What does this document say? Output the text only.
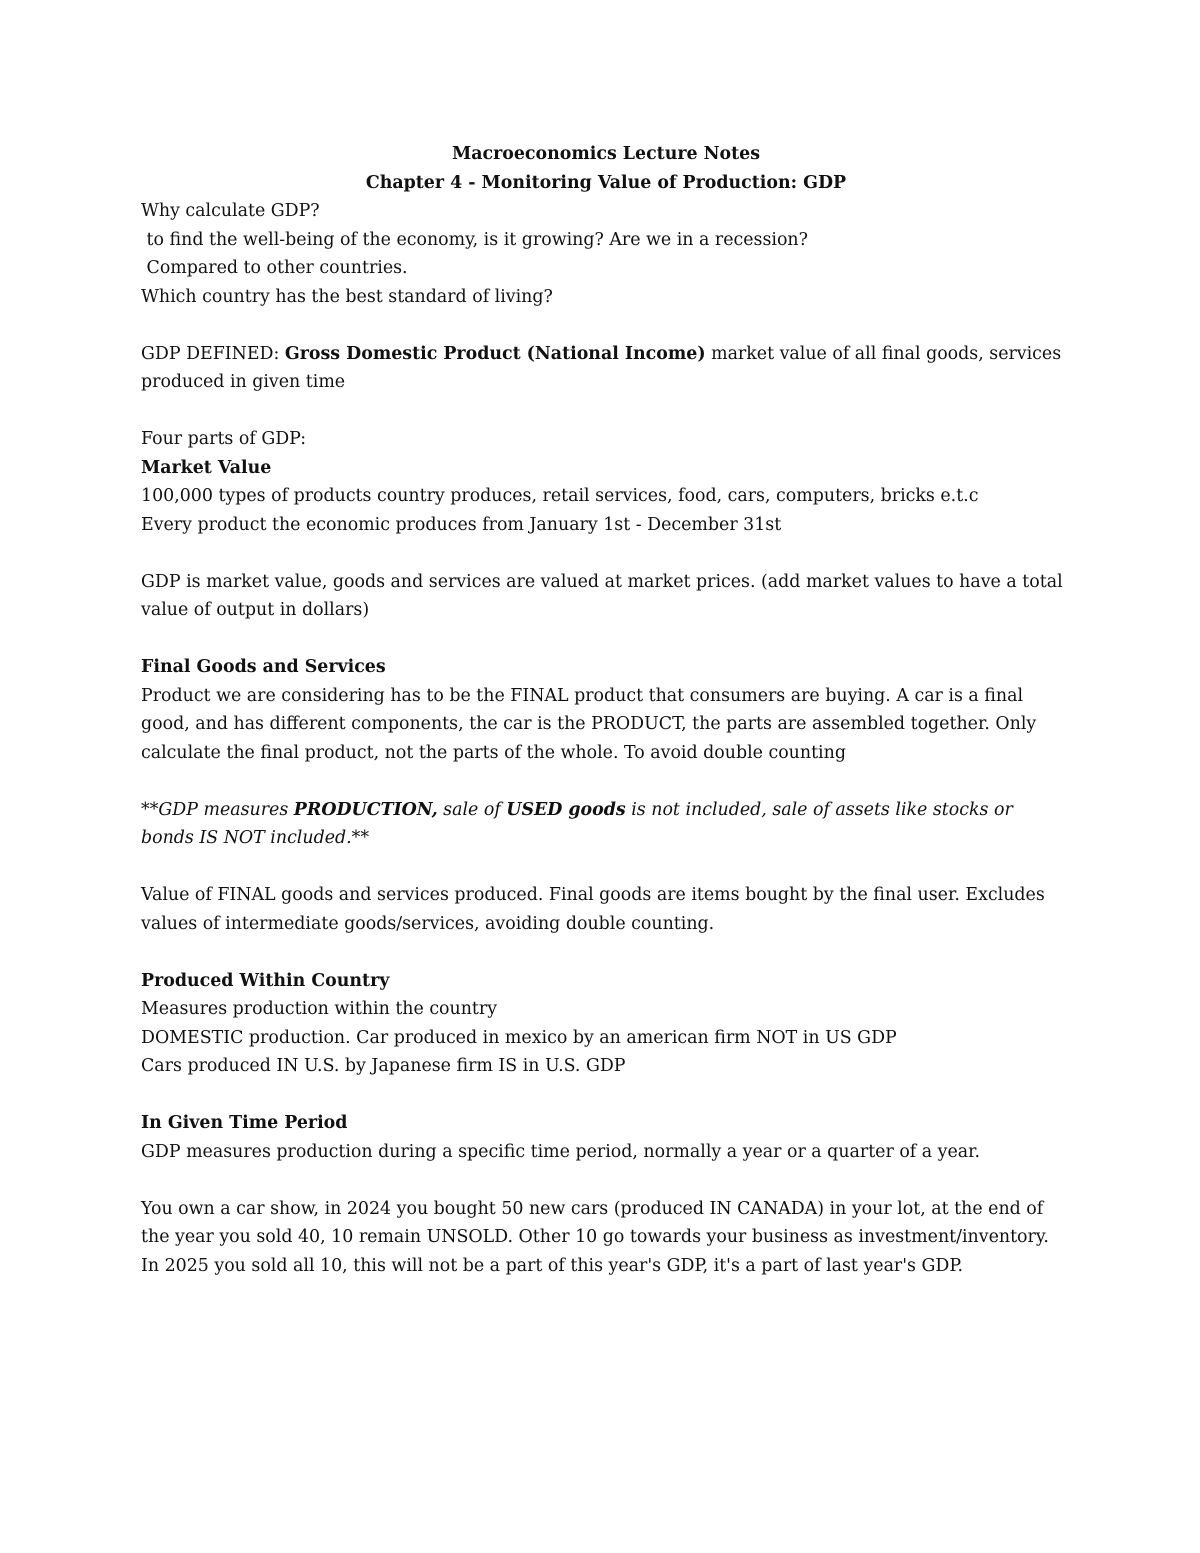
Macroeconomics Lecture Notes

Chapter 4 - Monitoring Value of Production: GDP

Why calculate GDP?

to find the well-being of the economy, is it growing? Are we in a recession?

Compared to other countries.

Which country has the best standard of living?

GDP DEFINED: Gross Domestic Product (National Income) market value of all final goods, services produced in given time

Four parts of GDP:

Market Value

100,000 types of products country produces, retail services, food, cars, computers, bricks e.t.c

Every product the economic produces from January 1st - December 31st

GDP is market value, goods and services are valued at market prices. (add market values to have a total value of output in dollars)

Final Goods and Services

Product we are considering has to be the FINAL product that consumers are buying. A car is a final good, and has different components, the car is the PRODUCT, the parts are assembled together. Only calculate the final product, not the parts of the whole. To avoid double counting

**GDP measures PRODUCTION, sale of USED goods is not included, sale of assets like stocks or bonds IS NOT included.**

Value of FINAL goods and services produced. Final goods are items bought by the final user. Excludes values of intermediate goods/services, avoiding double counting.

Produced Within Country

Measures production within the country

DOMESTIC production. Car produced in mexico by an american firm NOT in US GDP

Cars produced IN U.S. by Japanese firm IS in U.S. GDP

In Given Time Period

GDP measures production during a specific time period, normally a year or a quarter of a year.

You own a car show, in 2024 you bought 50 new cars (produced IN CANADA) in your lot, at the end of the year you sold 40, 10 remain UNSOLD. Other 10 go towards your business as investment/inventory. In 2025 you sold all 10, this will not be a part of this year's GDP, it's a part of last year's GDP.
